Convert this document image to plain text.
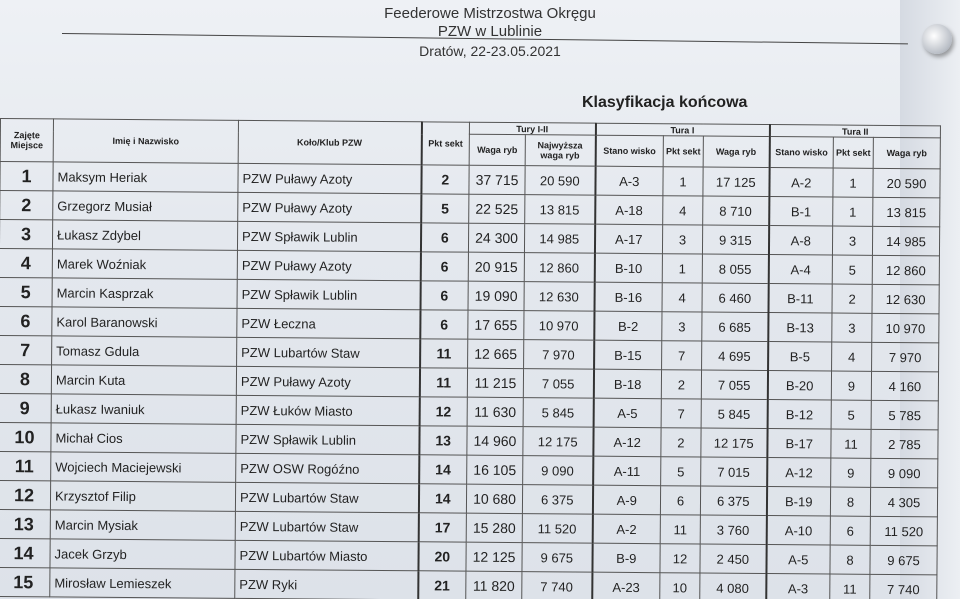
Feederowe Mistrzostwa Okręgu
PZW w Lublinie
Dratów, 22-23.05.2021
Klasyfikacja końcowa
Zajęte Miejsce	Imię i Nazwisko	Koło/Klub PZW	Pkt sekt	Tury I-II		Tura I			Tura II		
				Waga ryb	Najwyższa waga ryb	Stano wisko	Pkt sekt	Waga ryb	Stano wisko	Pkt sekt	Waga ryb
1	Maksym Heriak	PZW Puławy Azoty	2	37 715	20 590	A-3	1	17 125	A-2	1	20 590
2	Grzegorz Musiał	PZW Puławy Azoty	5	22 525	13 815	A-18	4	8 710	B-1	1	13 815
3	Łukasz Zdybel	PZW Spławik Lublin	6	24 300	14 985	A-17	3	9 315	A-8	3	14 985
4	Marek Woźniak	PZW Puławy Azoty	6	20 915	12 860	B-10	1	8 055	A-4	5	12 860
5	Marcin Kasprzak	PZW Spławik Lublin	6	19 090	12 630	B-16	4	6 460	B-11	2	12 630
6	Karol Baranowski	PZW Łeczna	6	17 655	10 970	B-2	3	6 685	B-13	3	10 970
7	Tomasz Gdula	PZW Lubartów Staw	11	12 665	7 970	B-15	7	4 695	B-5	4	7 970
8	Marcin Kuta	PZW Puławy Azoty	11	11 215	7 055	B-18	2	7 055	B-20	9	4 160
9	Łukasz Iwaniuk	PZW Łuków Miasto	12	11 630	5 845	A-5	7	5 845	B-12	5	5 785
10	Michał Cios	PZW Spławik Lublin	13	14 960	12 175	A-12	2	12 175	B-17	11	2 785
11	Wojciech Maciejewski	PZW OSW Rogóźno	14	16 105	9 090	A-11	5	7 015	A-12	9	9 090
12	Krzysztof Filip	PZW Lubartów Staw	14	10 680	6 375	A-9	6	6 375	B-19	8	4 305
13	Marcin Mysiak	PZW Lubartów Staw	17	15 280	11 520	A-2	11	3 760	A-10	6	11 520
14	Jacek Grzyb	PZW Lubartów Miasto	20	12 125	9 675	B-9	12	2 450	A-5	8	9 675
15	Mirosław Lemieszek	PZW Ryki	21	11 820	7 740	A-23	10	4 080	A-3	11	7 740
